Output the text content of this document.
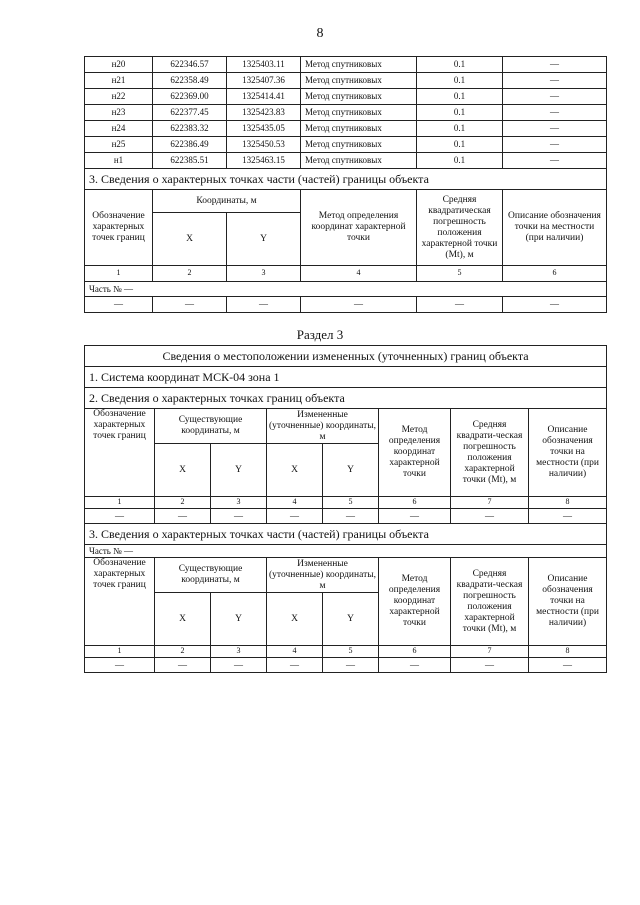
8
н20	622346.57	1325403.11	Метод спутниковых	0.1	—
н21	622358.49	1325407.36	Метод спутниковых	0.1	—
н22	622369.00	1325414.41	Метод спутниковых	0.1	—
н23	622377.45	1325423.83	Метод спутниковых	0.1	—
н24	622383.32	1325435.05	Метод спутниковых	0.1	—
н25	622386.49	1325450.53	Метод спутниковых	0.1	—
н1	622385.51	1325463.15	Метод спутниковых	0.1	—
3. Сведения о характерных точках части (частей) границы объекта					
Обозначение характерных точек границ	Координаты, м		Метод определения координат характерной точки	Средняя квадратическая погрешность положения характерной точки (Mt), м	Описание обозначения точки на местности (при наличии)
	X	Y			
1	2	3	4	5	6
Часть № —					
—	—	—	—	—	—
Раздел 3
Сведения о местоположении измененных (уточненных) границ объекта							
1. Система координат МСК-04 зона 1							
2. Сведения о характерных точках границ объекта							
Обозначение характерных точек границ	Существующие координаты, м		Измененные (уточненные) координаты, м		Метод определения координат характерной точки	Средняя квадрати-ческая погрешность положения характерной точки (Mt), м	Описание обозначения точки на местности (при наличии)
	X	Y	X	Y			
1	2	3	4	5	6	7	8
—	—	—	—	—	—	—	—
3. Сведения о характерных точках части (частей) границы объекта							
Часть № —							
Обозначение характерных точек границ	Существующие координаты, м		Измененные (уточненные) координаты, м		Метод определения координат характерной точки	Средняя квадрати-ческая погрешность положения характерной точки (Mt), м	Описание обозначения точки на местности (при наличии)
	X	Y	X	Y			
1	2	3	4	5	6	7	8
—	—	—	—	—	—	—	—
